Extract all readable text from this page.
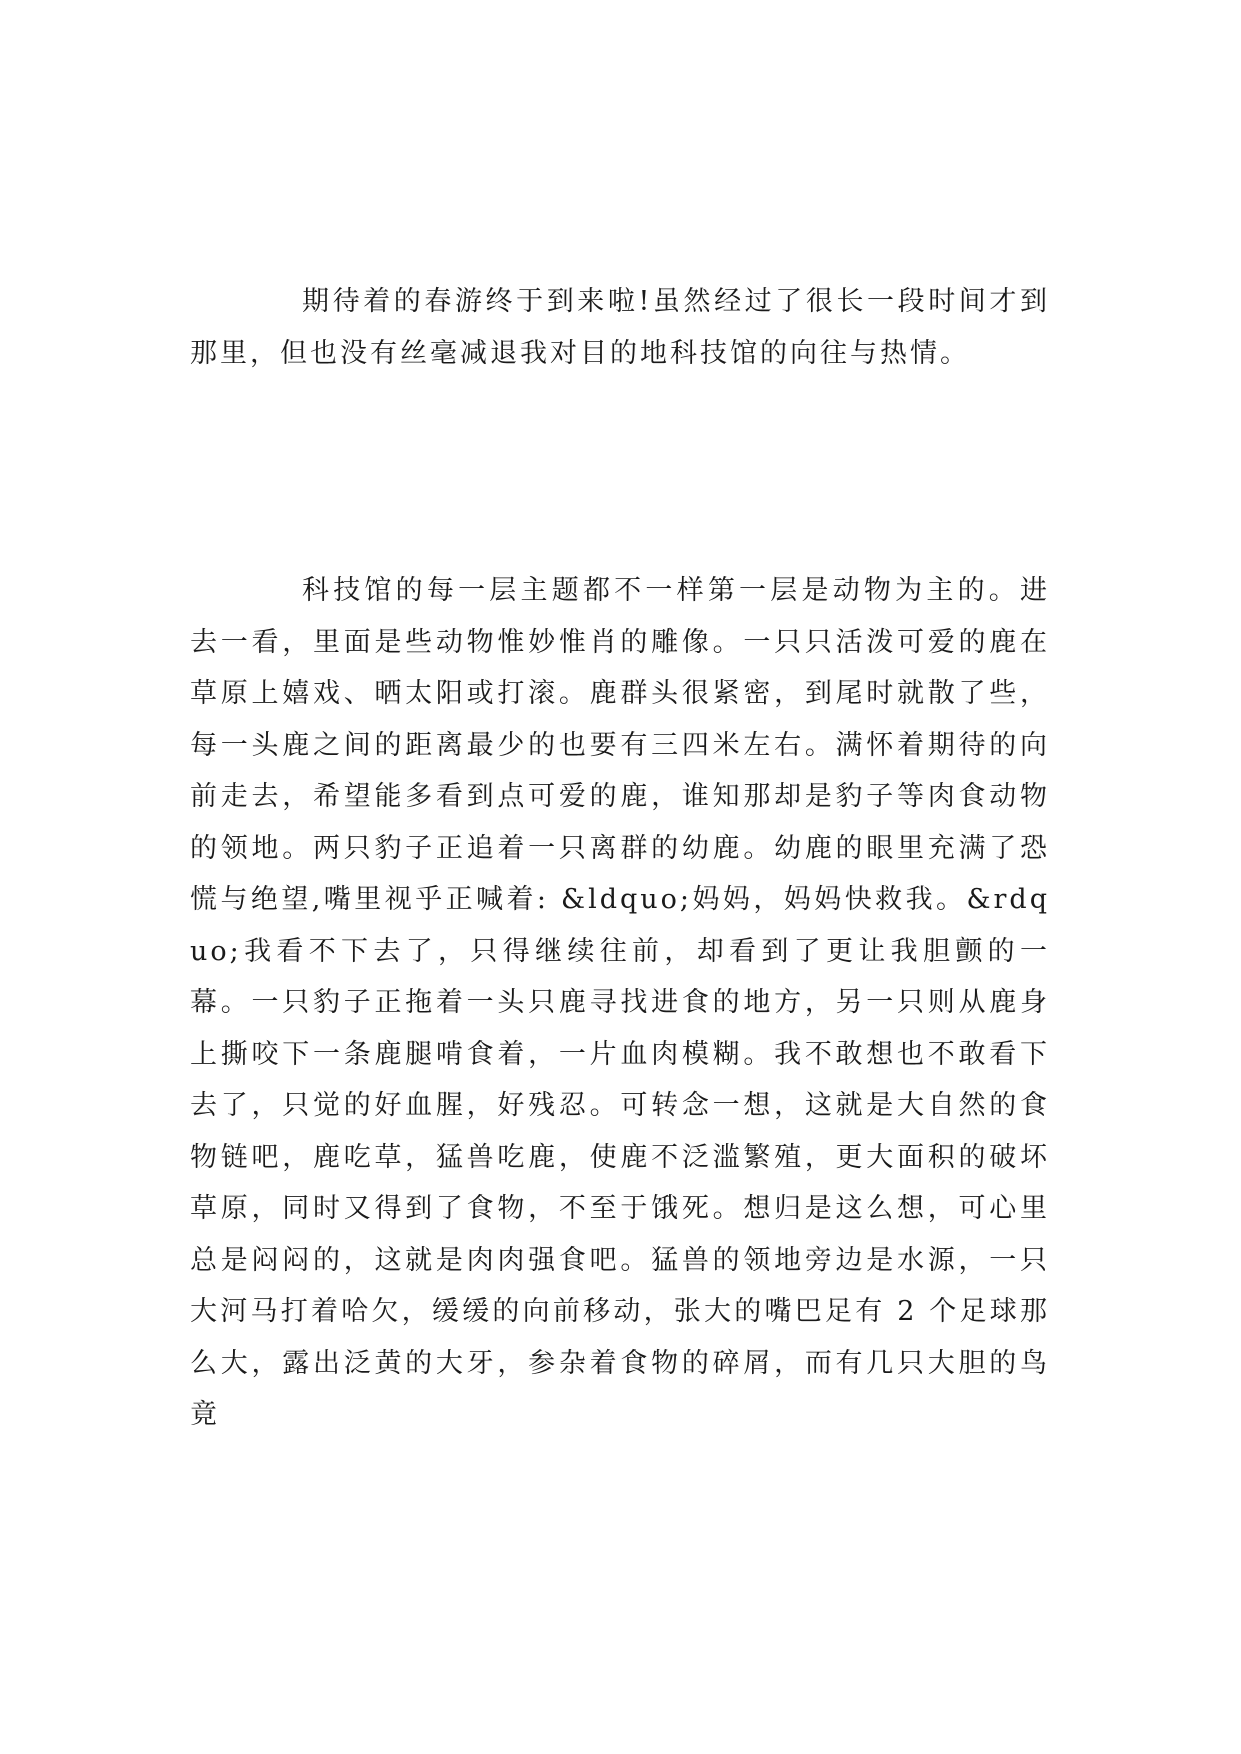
期待着的春游终于到来啦!虽然经过了很长一段时间才到那里，但也没有丝毫减退我对目的地科技馆的向往与热情。

科技馆的每一层主题都不一样第一层是动物为主的。进去一看，里面是些动物惟妙惟肖的雕像。一只只活泼可爱的鹿在草原上嬉戏、晒太阳或打滚。鹿群头很紧密，到尾时就散了些，每一头鹿之间的距离最少的也要有三四米左右。满怀着期待的向前走去，希望能多看到点可爱的鹿，谁知那却是豹子等肉食动物的领地。两只豹子正追着一只离群的幼鹿。幼鹿的眼里充满了恐慌与绝望,嘴里视乎正喊着: &ldquo;妈妈，妈妈快救我。&rdquo;我看不下去了，只得继续往前，却看到了更让我胆颤的一幕。一只豹子正拖着一头只鹿寻找进食的地方，另一只则从鹿身上撕咬下一条鹿腿啃食着，一片血肉模糊。我不敢想也不敢看下去了，只觉的好血腥，好残忍。可转念一想，这就是大自然的食物链吧，鹿吃草，猛兽吃鹿，使鹿不泛滥繁殖，更大面积的破坏草原，同时又得到了食物，不至于饿死。想归是这么想，可心里总是闷闷的，这就是肉肉强食吧。猛兽的领地旁边是水源，一只大河马打着哈欠，缓缓的向前移动，张大的嘴巴足有 2 个足球那么大，露出泛黄的大牙，参杂着食物的碎屑，而有几只大胆的鸟竟
